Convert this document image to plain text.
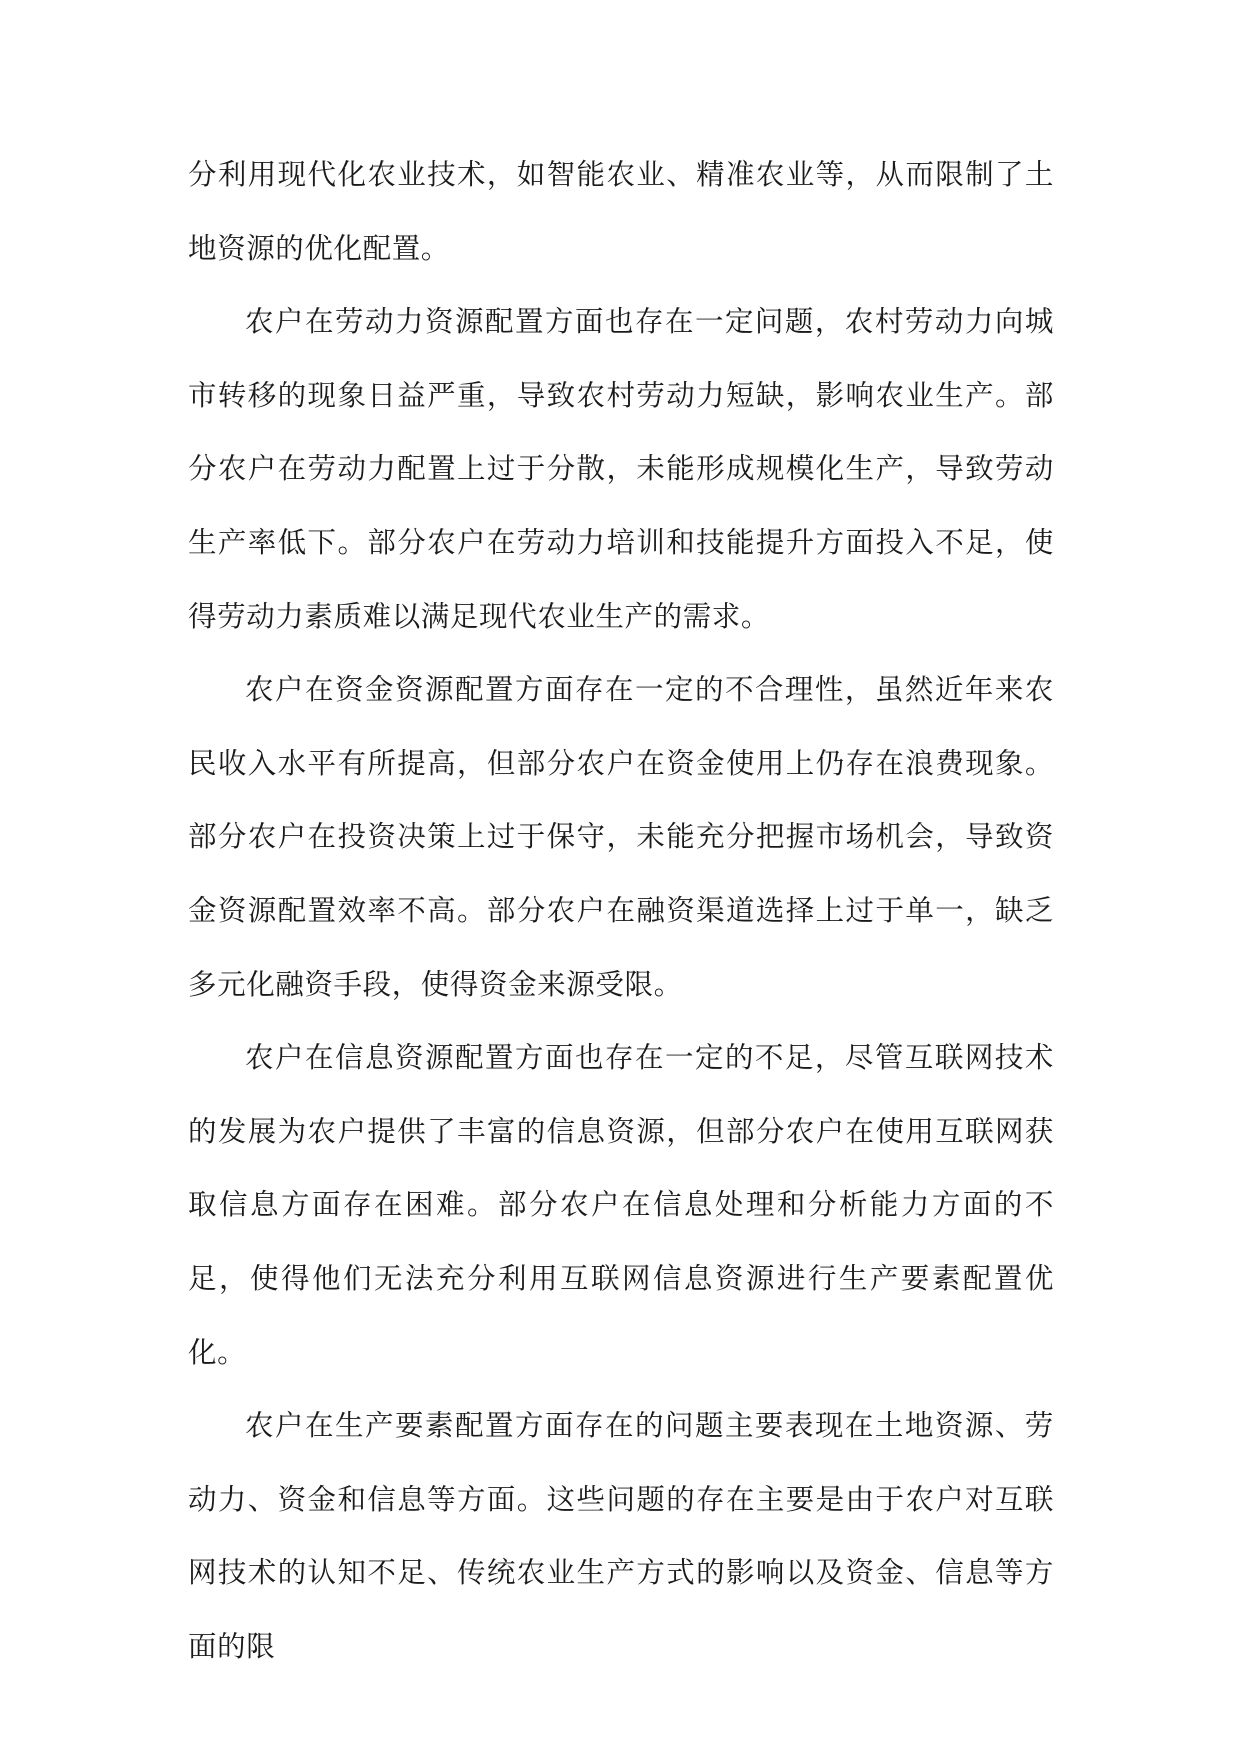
分利用现代化农业技术，如智能农业、精准农业等，从而限制了土地资源的优化配置。

农户在劳动力资源配置方面也存在一定问题，农村劳动力向城市转移的现象日益严重，导致农村劳动力短缺，影响农业生产。部分农户在劳动力配置上过于分散，未能形成规模化生产，导致劳动生产率低下。部分农户在劳动力培训和技能提升方面投入不足，使得劳动力素质难以满足现代农业生产的需求。

农户在资金资源配置方面存在一定的不合理性，虽然近年来农民收入水平有所提高，但部分农户在资金使用上仍存在浪费现象。部分农户在投资决策上过于保守，未能充分把握市场机会，导致资金资源配置效率不高。部分农户在融资渠道选择上过于单一，缺乏多元化融资手段，使得资金来源受限。

农户在信息资源配置方面也存在一定的不足，尽管互联网技术的发展为农户提供了丰富的信息资源，但部分农户在使用互联网获取信息方面存在困难。部分农户在信息处理和分析能力方面的不足，使得他们无法充分利用互联网信息资源进行生产要素配置优化。

农户在生产要素配置方面存在的问题主要表现在土地资源、劳动力、资金和信息等方面。这些问题的存在主要是由于农户对互联网技术的认知不足、传统农业生产方式的影响以及资金、信息等方面的限
